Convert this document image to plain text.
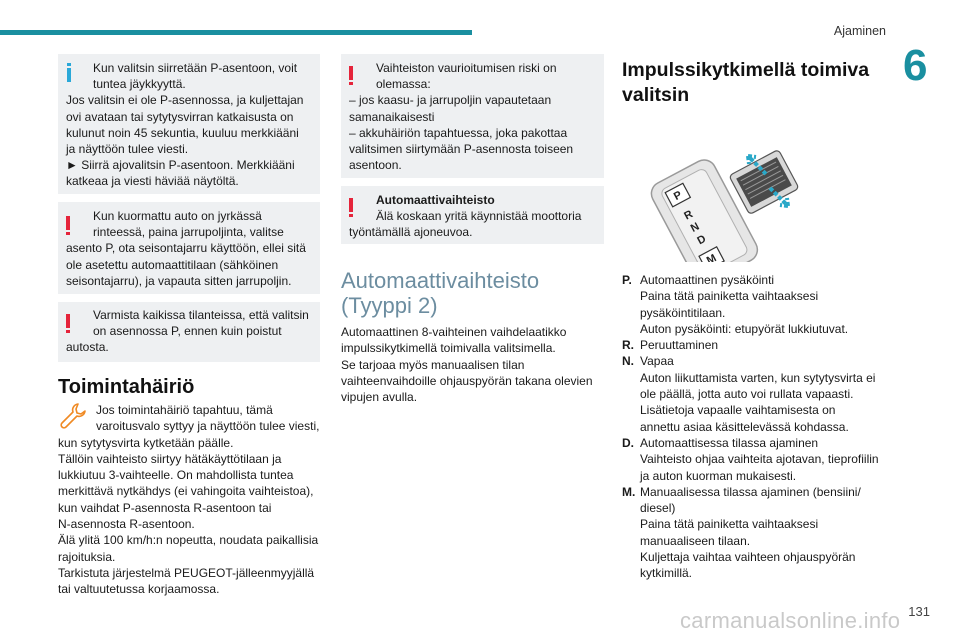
Ajaminen
6

Kun valitsin siirretään P-asentoon, voit

tuntea jäykkyyttä.

Jos valitsin ei ole P-asennossa, ja kuljettajan

ovi avataan tai sytytysvirran katkaisusta on

kulunut noin 45 sekuntia, kuuluu merkkiääni

ja näyttöön tulee viesti.

► Siirrä ajovalitsin P-asentoon. Merkkiääni

katkeaa ja viesti häviää näytöltä.

Kun kuormattu auto on jyrkässä

rinteessä, paina jarrupoljinta, valitse

asento P, ota seisontajarru käyttöön, ellei sitä

ole asetettu automaattitilaan (sähköinen

seisontajarru), ja vapauta sitten jarrupoljin.

Varmista kaikissa tilanteissa, että valitsin

on asennossa P, ennen kuin poistut

autosta.

Toimintahäiriö

Jos toimintahäiriö tapahtuu, tämä

varoitusvalo syttyy ja näyttöön tulee viesti,

kun sytytysvirta kytketään päälle.

Tällöin vaihteisto siirtyy hätäkäyttötilaan ja

lukkiutuu 3-vaihteelle. On mahdollista tuntea

merkittävä nytkähdys (ei vahingoita vaihteistoa),

kun vaihdat P-asennosta R-asentoon tai

N-asennosta R-asentoon.

Älä ylitä 100 km/h:n nopeutta, noudata paikallisia

rajoituksia.

Tarkistuta järjestelmä PEUGEOT-jälleenmyyjällä

tai valtuutetussa korjaamossa.

Vaihteiston vaurioitumisen riski on

olemassa:

– jos kaasu- ja jarrupoljin vapautetaan

samanaikaisesti

– akkuhäiriön tapahtuessa, joka pakottaa

valitsimen siirtymään P-asennosta toiseen

asentoon.

Automaattivaihteisto

Älä koskaan yritä käynnistää moottoria

työntämällä ajoneuvoa.

Automaattivaihteisto
(Tyyppi 2)

Automaattinen 8-vaihteinen vaihdelaatikko

impulssikytkimellä toimivalla valitsimella.

Se tarjoaa myös manuaalisen tilan

vaihteenvaihdoille ohjauspyörän takana olevien

vipujen avulla.

Impulssikytkimellä toimiva
valitsin
P
R
N
D
M
P. Automaattinen pysäköinti
Paina tätä painiketta vaihtaaksesi
pysäköintitilaan.
Auton pysäköinti: etupyörät lukkiutuvat.
R. Peruuttaminen
N. Vapaa
Auton liikuttamista varten, kun sytytysvirta ei
ole päällä, jotta auto voi rullata vapaasti.
Lisätietoja vapaalle vaihtamisesta on
annettu asiaa käsittelevässä kohdassa.
D. Automaattisessa tilassa ajaminen
Vaihteisto ohjaa vaihteita ajotavan, tieprofiilin
ja auton kuorman mukaisesti.
M. Manuaalisessa tilassa ajaminen (bensiini/
diesel)
Paina tätä painiketta vaihtaaksesi
manuaaliseen tilaan.
Kuljettaja vaihtaa vaihteen ohjauspyörän
kytkimillä.
carmanualsonline.info 131
